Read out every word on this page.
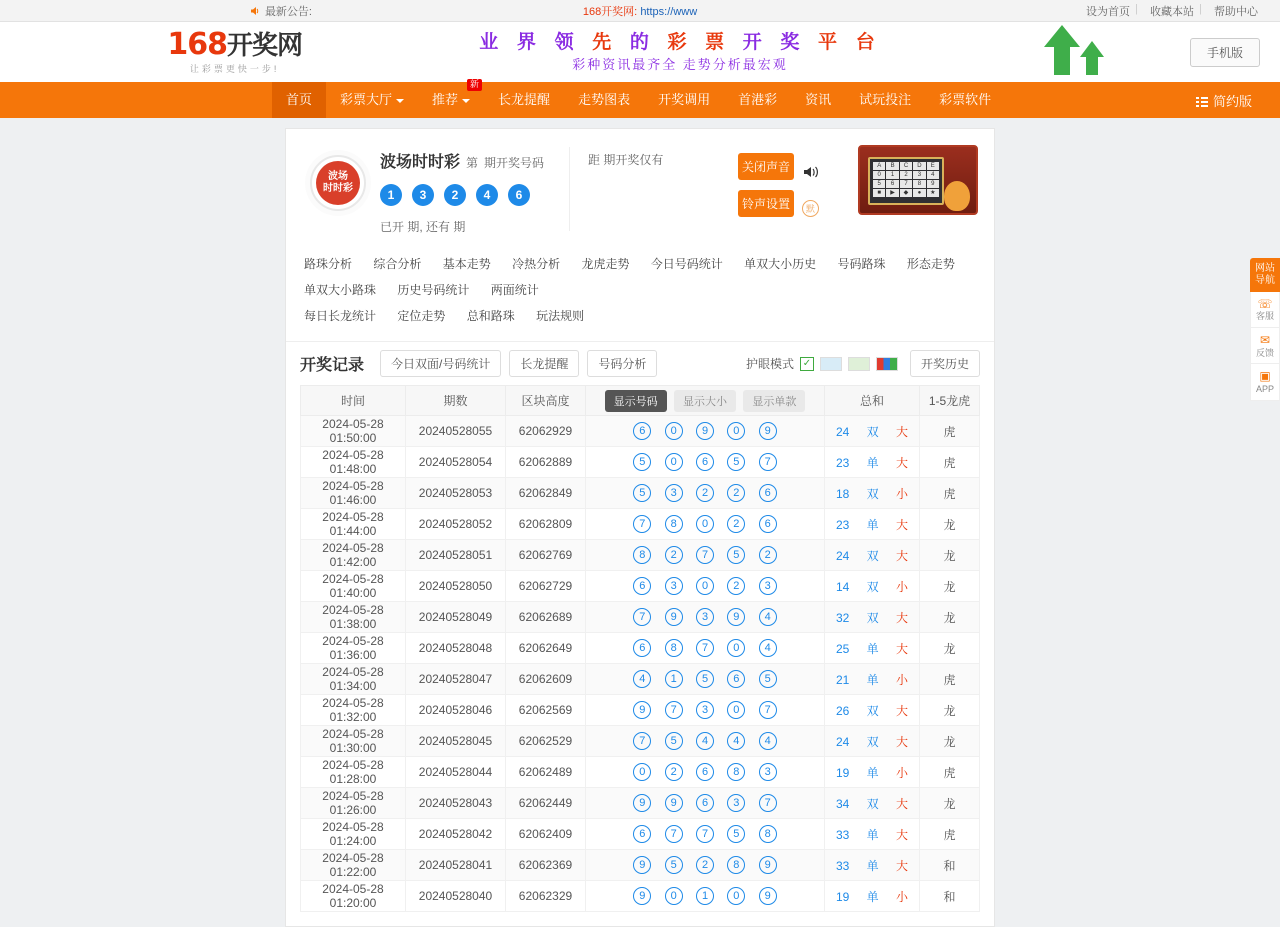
最新公告:	168开奖网: https://www	设为首页 |	收藏本站 |	帮助中心
168开奖网
让彩票更快一步!
业 界 领 先 的 彩 票 开 奖 平 台
彩种资讯最齐全 走势分析最宏观
手机版
首页	彩票大厅	推荐
新
长龙提醒	走势图表	开奖调用	首港彩	资讯	试玩投注	彩票软件	简约版
波场
时时彩
波场时时彩 第 期开奖号码
1	3	2	4	6
已开 期, 还有 期
距 期开奖仅有	关闭声音
铃声设置	默
A	B	C	D	E
0	1	2	3	4
5	6	7	8	9
■	▶	◆	●	★
路珠分析 综合分析 基本走势 冷热分析 龙虎走势 今日号码统计 单双大小历史 号码路珠 形态走势 单双大小路珠 历史号码统计 两面统计
每日长龙统计 定位走势 总和路珠 玩法规则
开奖记录	今日双面/号码统计	长龙提醒	号码分析	护眼模式 ✓	开奖历史
时间	期数	区块高度	显示号码 显示大小 显示单款	总和	1-5龙虎
2024-05-28 01:50:00	20240528055	62062929	6 0 9 0 9	24 双 大	虎
2024-05-28 01:48:00	20240528054	62062889	5 0 6 5 7	23 单 大	虎
2024-05-28 01:46:00	20240528053	62062849	5 3 2 2 6	18 双 小	虎
2024-05-28 01:44:00	20240528052	62062809	7 8 0 2 6	23 单 大	龙
2024-05-28 01:42:00	20240528051	62062769	8 2 7 5 2	24 双 大	龙
2024-05-28 01:40:00	20240528050	62062729	6 3 0 2 3	14 双 小	龙
2024-05-28 01:38:00	20240528049	62062689	7 9 3 9 4	32 双 大	龙
2024-05-28 01:36:00	20240528048	62062649	6 8 7 0 4	25 单 大	龙
2024-05-28 01:34:00	20240528047	62062609	4 1 5 6 5	21 单 小	虎
2024-05-28 01:32:00	20240528046	62062569	9 7 3 0 7	26 双 大	龙
2024-05-28 01:30:00	20240528045	62062529	7 5 4 4 4	24 双 大	龙
2024-05-28 01:28:00	20240528044	62062489	0 2 6 8 3	19 单 小	虎
2024-05-28 01:26:00	20240528043	62062449	9 9 6 3 7	34 双 大	龙
2024-05-28 01:24:00	20240528042	62062409	6 7 7 5 8	33 单 大	虎
2024-05-28 01:22:00	20240528041	62062369	9 5 2 8 9	33 单 大	和
2024-05-28 01:20:00	20240528040	62062329	9 0 1 0 9	19 单 小	和
网站
导航
☏
客服
✉
反馈
▣
APP
